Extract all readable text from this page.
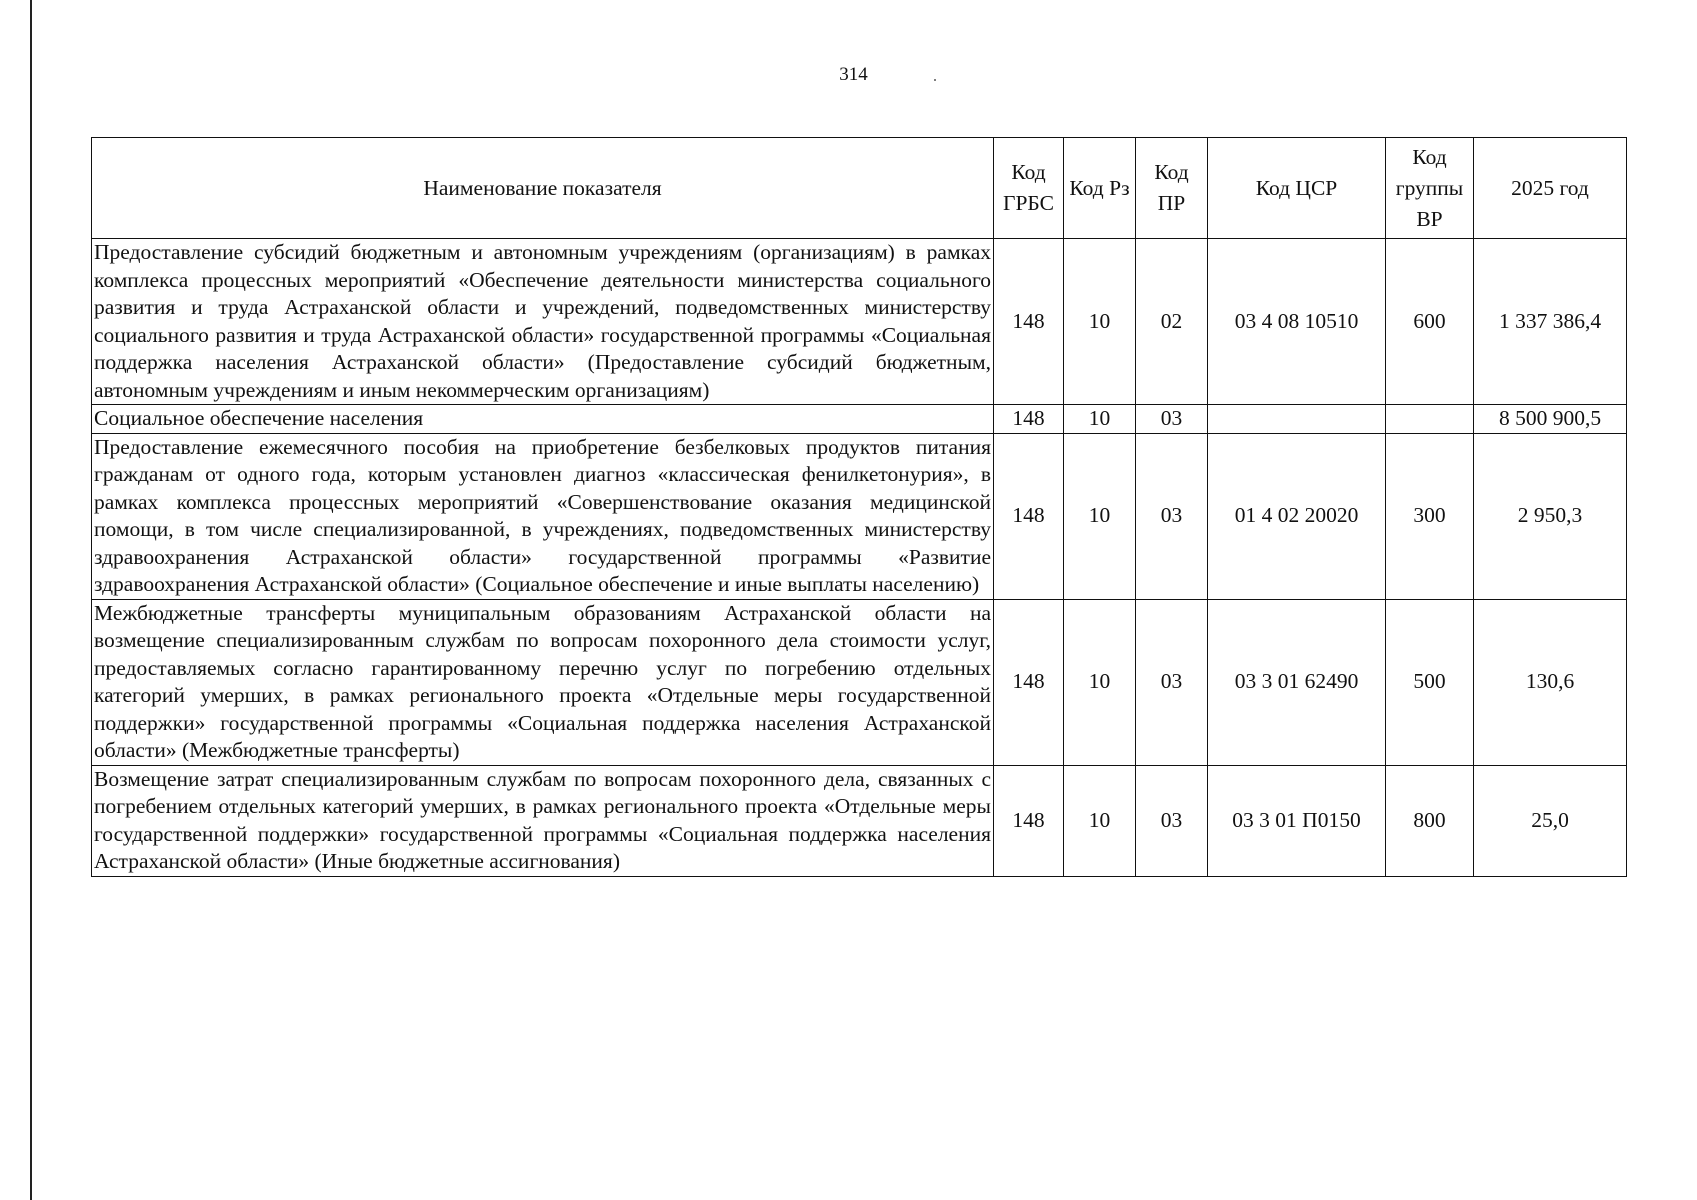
314
Наименование показателя	Код ГРБС	Код Рз	Код ПР	Код ЦСР	Код группы ВР	2025 год
Предоставление субсидий бюджетным и автономным учреждениям (организациям) в рамках комплекса процессных мероприятий «Обеспечение деятельности министерства социального развития и труда Астраханской области и учреждений, подведомственных министерству социального развития и труда Астраханской области» государственной программы «Социальная поддержка населения Астраханской области» (Предоставление субсидий бюджетным, автономным учреждениям и иным некоммерческим организациям)	148	10	02	03 4 08 10510	600	1 337 386,4
Социальное обеспечение населения	148	10	03			8 500 900,5
Предоставление ежемесячного пособия на приобретение безбелковых продуктов питания гражданам от одного года, которым установлен диагноз «классическая фенилкетонурия», в рамках комплекса процессных мероприятий «Совершенствование оказания медицинской помощи, в том числе специализированной, в учреждениях, подведомственных министерству здравоохранения Астраханской области» государственной программы «Развитие здравоохранения Астраханской области» (Социальное обеспечение и иные выплаты населению)	148	10	03	01 4 02 20020	300	2 950,3
Межбюджетные трансферты муниципальным образованиям Астраханской области на возмещение специализированным службам по вопросам похоронного дела стоимости услуг, предоставляемых согласно гарантированному перечню услуг по погребению отдельных категорий умерших, в рамках регионального проекта «Отдельные меры государственной поддержки» государственной программы «Социальная поддержка населения Астраханской области» (Межбюджетные трансферты)	148	10	03	03 3 01 62490	500	130,6
Возмещение затрат специализированным службам по вопросам похоронного дела, связанных с погребением отдельных категорий умерших, в рамках регионального проекта «Отдельные меры государственной поддержки» государственной программы «Социальная поддержка населения Астраханской области» (Иные бюджетные ассигнования)	148	10	03	03 3 01 П0150	800	25,0
